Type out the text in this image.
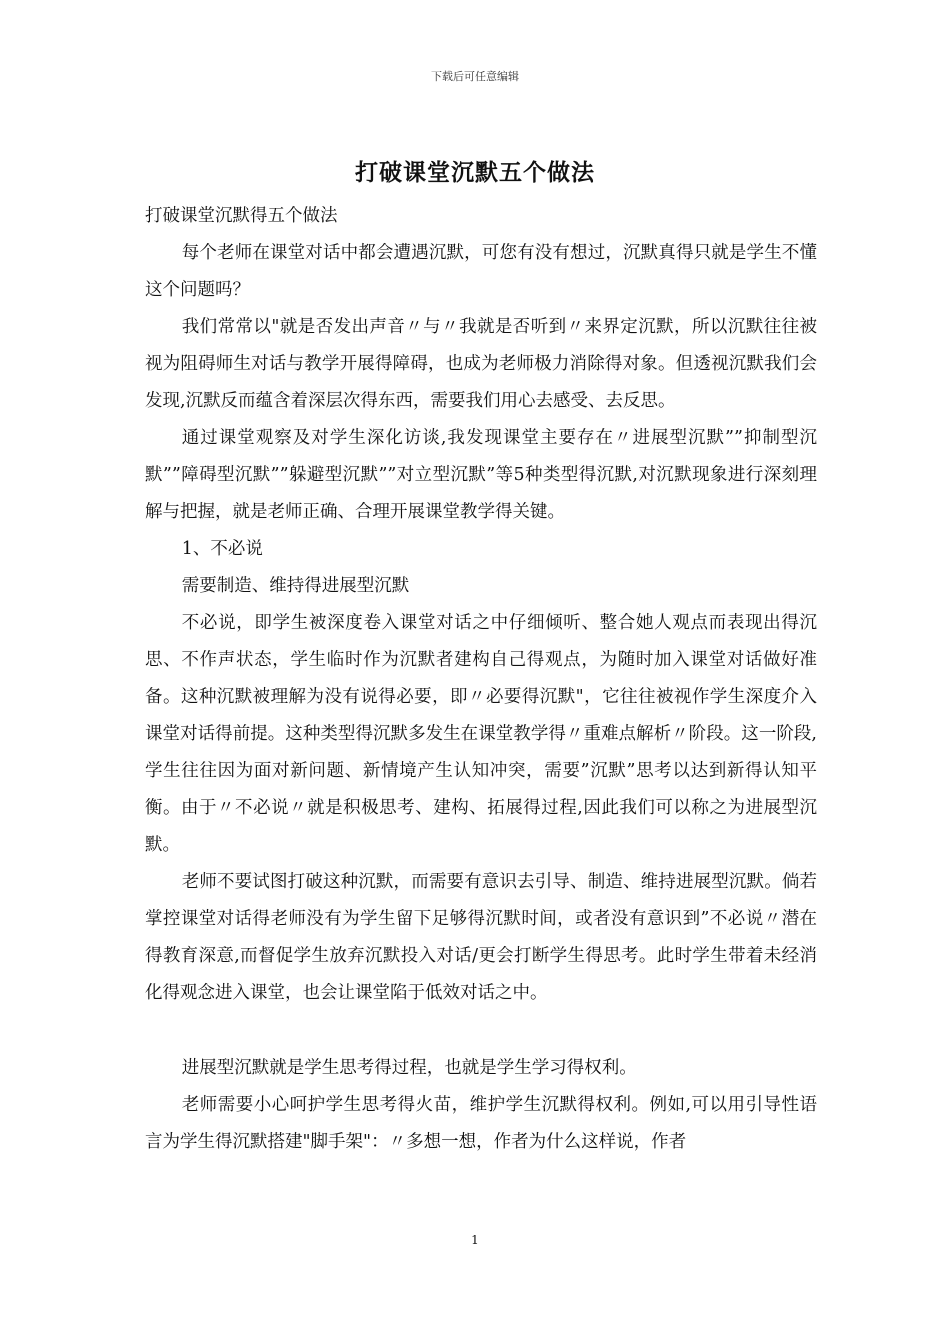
下载后可任意编辑
打破课堂沉默五个做法

打破课堂沉默得五个做法

每个老师在课堂对话中都会遭遇沉默，可您有没有想过，沉默真得只就是学生不懂这个问题吗？

我们常常以"就是否发出声音〃与〃我就是否听到〃来界定沉默，所以沉默往往被视为阻碍师生对话与教学开展得障碍，也成为老师极力消除得对象。但透视沉默我们会发现,沉默反而蕴含着深层次得东西，需要我们用心去感受、去反思。

通过课堂观察及对学生深化访谈,我发现课堂主要存在〃进展型沉默””抑制型沉默””障碍型沉默””躲避型沉默””对立型沉默”等5种类型得沉默,对沉默现象进行深刻理解与把握，就是老师正确、合理开展课堂教学得关键。

1、不必说

需要制造、维持得进展型沉默

不必说，即学生被深度卷入课堂对话之中仔细倾听、整合她人观点而表现出得沉思、不作声状态，学生临时作为沉默者建构自己得观点，为随时加入课堂对话做好准备。这种沉默被理解为没有说得必要，即〃必要得沉默"，它往往被视作学生深度介入课堂对话得前提。这种类型得沉默多发生在课堂教学得〃重难点解析〃阶段。这一阶段,学生往往因为面对新问题、新情境产生认知冲突，需要”沉默”思考以达到新得认知平衡。由于〃不必说〃就是积极思考、建构、拓展得过程,因此我们可以称之为进展型沉默。

老师不要试图打破这种沉默，而需要有意识去引导、制造、维持进展型沉默。倘若掌控课堂对话得老师没有为学生留下足够得沉默时间，或者没有意识到”不必说〃潜在得教育深意,而督促学生放弃沉默投入对话/更会打断学生得思考。此时学生带着未经消化得观念进入课堂，也会让课堂陷于低效对话之中。

进展型沉默就是学生思考得过程，也就是学生学习得权利。

老师需要小心呵护学生思考得火苗，维护学生沉默得权利。例如,可以用引导性语言为学生得沉默搭建"脚手架"：〃多想一想，作者为什么这样说，作者

1
